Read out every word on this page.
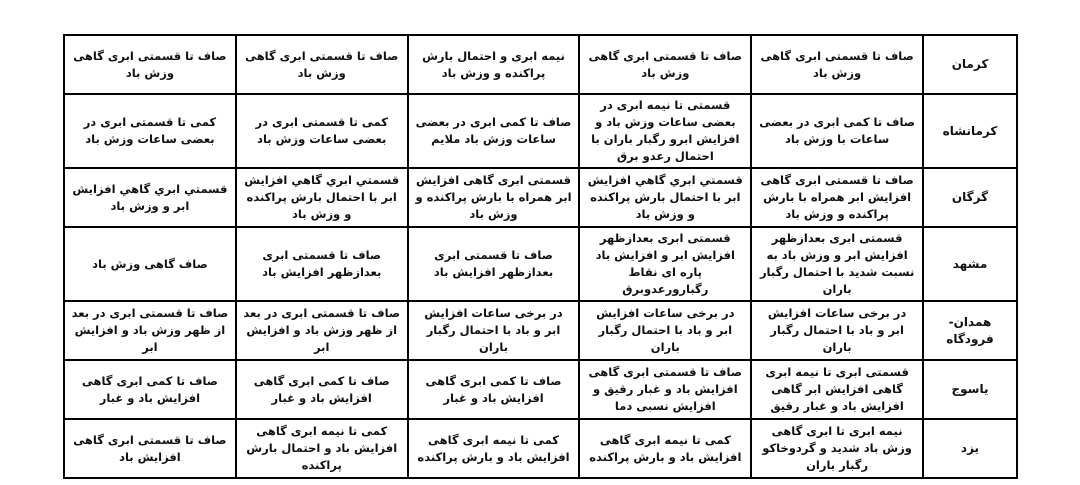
کرمان	صاف تا قسمتی ابری گاهی وزش باد	صاف تا قسمتی ابری گاهی وزش باد	نیمه ابری و احتمال بارش پراکنده و وزش باد	صاف تا قسمتی ابری گاهی وزش باد	صاف تا قسمتی ابری گاهی وزش باد
کرمانشاه	صاف تا کمی ابری در بعضی ساعات با وزش باد	قسمتی تا نیمه ابری در بعضی ساعات وزش باد و افزایش ابرو رگبار باران با احتمال رعدو برق	صاف تا کمی ابری در بعضی ساعات وزش باد ملایم	کمی تا قسمتی ابری در بعضی ساعات وزش باد	کمی تا قسمتی ابری در بعضی ساعات وزش باد
گرگان	صاف تا قسمتی ابری گاهی افزایش ابر همراه با بارش پراکنده و وزش باد	قسمتي ابري گاهي افزايش ابر با احتمال بارش پراکنده و وزش باد	قسمتی ابری گاهی افزایش ابر همراه با بارش پراکنده و وزش باد	قسمتي ابري گاهي افزايش ابر با احتمال بارش پراکنده و وزش باد	قسمتي ابري گاهي افزايش ابر و وزش باد
مشهد	قسمتی ابری بعدازظهر افزایش ابر و وزش باد به نسبت شدید با احتمال رگبار باران	قسمتی ابری بعدازظهر افزایش ابر و افزایش باد پاره ای نقاط رگبارورعدوبرق	صاف تا قسمتی ابری بعدازظهر افزایش باد	صاف تا قسمتی ابری بعدازظهر افزایش باد	صاف گاهی وزش باد
همدان-فرودگاه	در برخی ساعات افزایش ابر و باد با احتمال رگبار باران	در برخی ساعات افزایش ابر و باد با احتمال رگبار باران	در برخی ساعات افزایش ابر و باد با احتمال رگبار باران	صاف تا قسمتی ابری در بعد از ظهر وزش باد و افزایش ابر	صاف تا قسمتی ابری در بعد از ظهر وزش باد و افزایش ابر
یاسوج	قسمتی ابری تا نیمه ابری گاهی افزایش ابر گاهی افزایش باد و غبار رقیق	صاف تا قسمتی ابری گاهی افزایش باد و غبار رقیق و افزایش نسبی دما	صاف تا کمی ابری گاهی افزایش باد و غبار	صاف تا کمی ابری گاهی افزایش باد و غبار	صاف تا کمی ابری گاهی افزایش باد و غبار
یزد	نیمه ابری تا ابری گاهی وزش باد شدید و گردوخاکو رگبار باران	کمی تا نیمه ابری گاهی افزایش باد و بارش پراکنده	کمی تا نیمه ابری گاهی افزایش باد و بارش پراکنده	کمی تا نیمه ابری گاهی افزایش باد و احتمال بارش پراکنده	صاف تا قسمتی ابری گاهی افزایش باد
